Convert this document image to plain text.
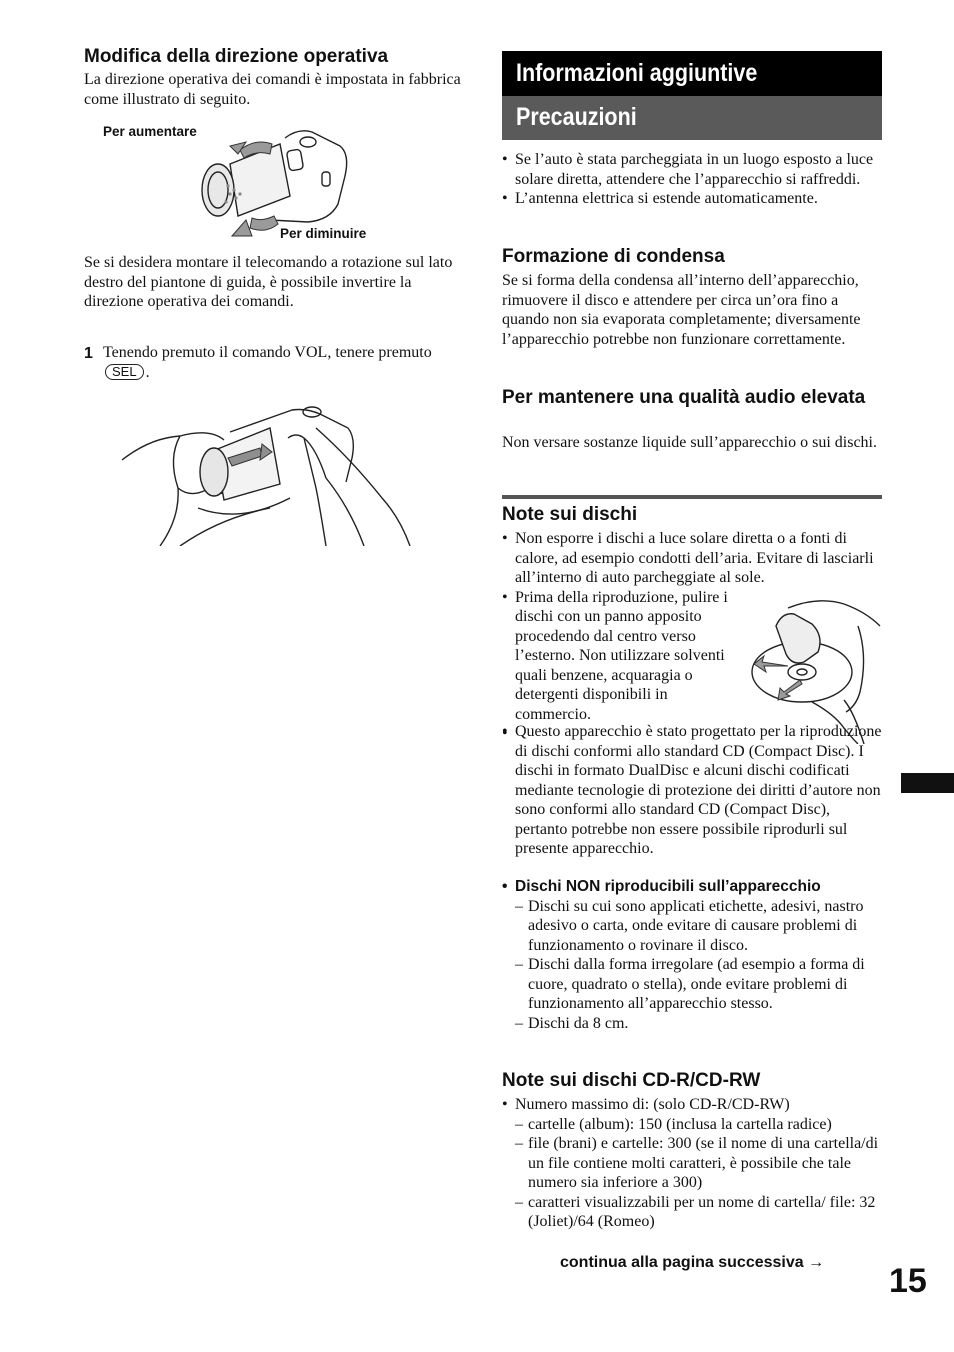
Modifica della direzione operativa

La direzione operativa dei comandi è impostata in fabbrica come illustrato di seguito.

Per aumentare
Per diminuire

Se si desidera montare il telecomando a rotazione sul lato destro del piantone di guida, è possibile invertire la direzione operativa dei comandi.

1 Tenendo premuto il comando VOL, tenere premuto SEL .
Informazioni aggiuntive
Precauzioni

• Se l’auto è stata parcheggiata in un luogo esposto a luce solare diretta, attendere che l’apparecchio si raffreddi.

• L’antenna elettrica si estende automaticamente.

Formazione di condensa

Se si forma della condensa all’interno dell’apparecchio, rimuovere il disco e attendere per circa un’ora fino a quando non sia evaporata completamente; diversamente l’apparecchio potrebbe non funzionare correttamente.

Per mantenere una qualità audio elevata

Non versare sostanze liquide sull’apparecchio o sui dischi.

Note sui dischi

• Non esporre i dischi a luce solare diretta o a fonti di calore, ad esempio condotti dell’aria. Evitare di lasciarli all’interno di auto parcheggiate al sole.

• Prima della riproduzione, pulire i dischi con un panno apposito procedendo dal centro verso l’esterno. Non utilizzare solventi quali benzene, acquaragia o detergenti disponibili in commercio.

•

• Questo apparecchio è stato progettato per la riproduzione di dischi conformi allo standard CD (Compact Disc). I dischi in formato DualDisc e alcuni dischi codificati mediante tecnologie di protezione dei diritti d’autore non sono conformi allo standard CD (Compact Disc), pertanto potrebbe non essere possibile riprodurli sul presente apparecchio.

• Dischi NON riproducibili sull’apparecchio

– Dischi su cui sono applicati etichette, adesivi, nastro adesivo o carta, onde evitare di causare problemi di funzionamento o rovinare il disco.

– Dischi dalla forma irregolare (ad esempio a forma di cuore, quadrato o stella), onde evitare problemi di funzionamento all’apparecchio stesso.

– Dischi da 8 cm.

Note sui dischi CD-R/CD-RW

• Numero massimo di: (solo CD-R/CD-RW)

– cartelle (album): 150 (inclusa la cartella radice)

– file (brani) e cartelle: 300 (se il nome di una cartella/di un file contiene molti caratteri, è possibile che tale numero sia inferiore a 300)

– caratteri visualizzabili per un nome di cartella/ file: 32 (Joliet)/64 (Romeo)

continua alla pagina successiva → 15
